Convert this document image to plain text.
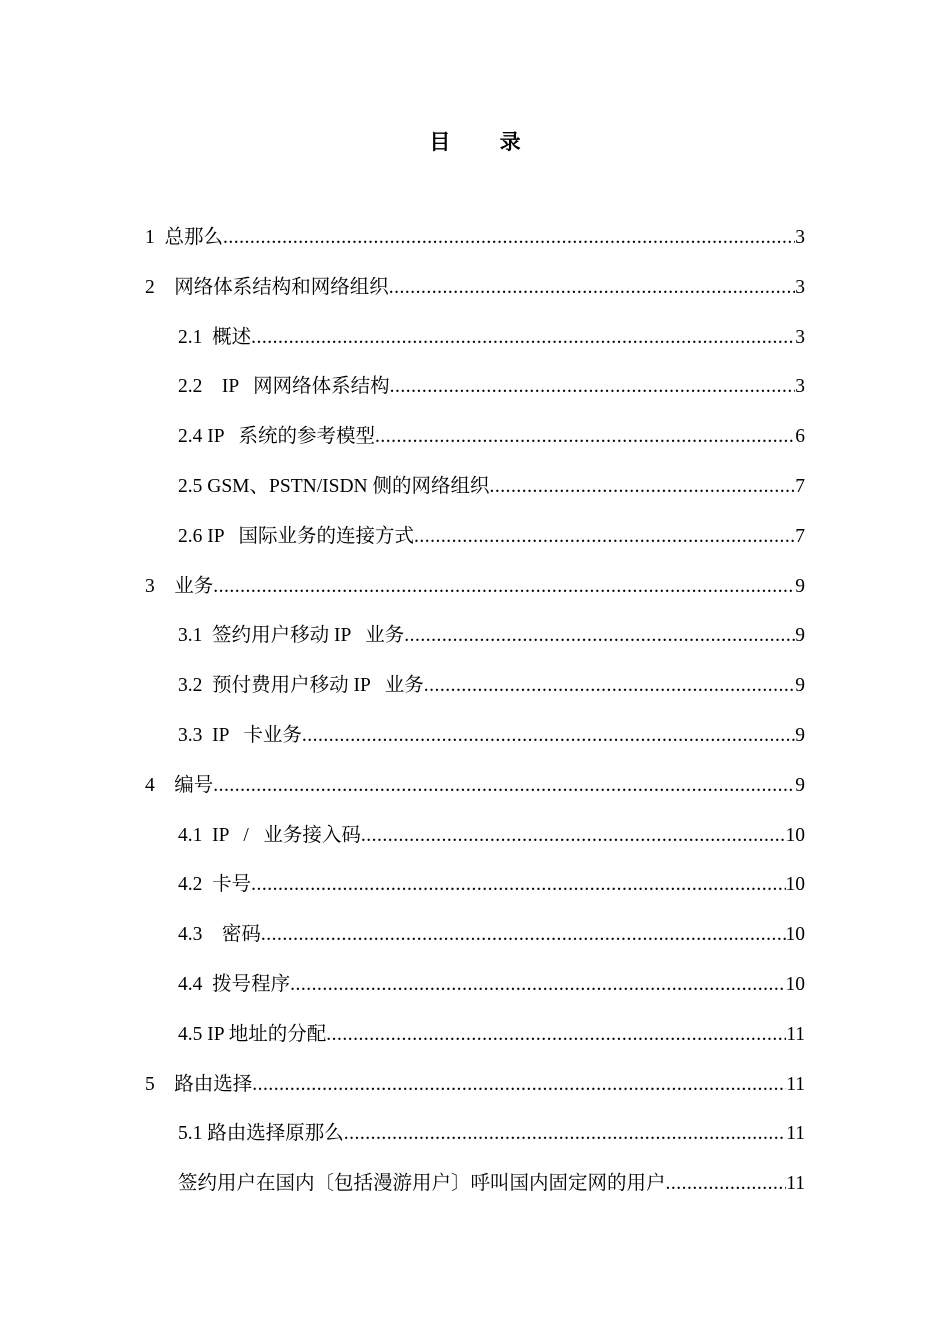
目 录
1  总那么 .....	3
2    网络体系结构和网络组织 .....	3
2.1  概述 .....	3
2.2    IP   网网络体系结构 .....	3
2.4 IP   系统的参考模型 .....	6
2.5 GSM、PSTN/ISDN 侧的网络组织 .....	7
2.6 IP   国际业务的连接方式 .....	7
3    业务 .....	9
3.1  签约用户移动 IP   业务 .....	9
3.2  预付费用户移动 IP   业务 .....	9
3.3  IP   卡业务 .....	9
4    编号 .....	9
4.1  IP   /   业务接入码 .....	10
4.2  卡号 .....	10
4.3    密码 .....	10
4.4  拨号程序 .....	10
4.5 IP 地址的分配 .....	11
5    路由选择 .....	11
5.1 路由选择原那么 .....	11
签约用户在国内〔包括漫游用户〕呼叫国内固定网的用户 .....	11
